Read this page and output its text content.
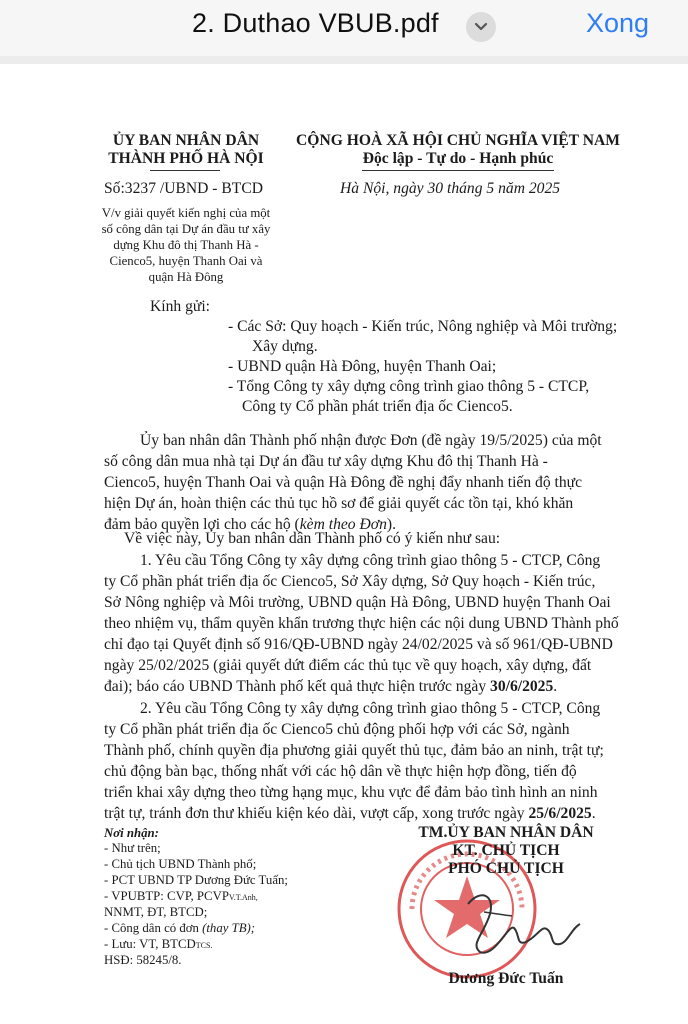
2. Duthao VBUB.pdf	Xong
ỦY BAN NHÂN DÂN
THÀNH PHỐ HÀ NỘI
CỘNG HOÀ XÃ HỘI CHỦ NGHĨA VIỆT NAM
Độc lập - Tự do - Hạnh phúc
Số:3237 /UBND - BTCD	Hà Nội, ngày 30 tháng 5 năm 2025
V/v giải quyết kiến nghị của một
số công dân tại Dự án đầu tư xây
dựng Khu đô thị Thanh Hà -
Cienco5, huyện Thanh Oai và
quận Hà Đông
Kính gửi:
- Các Sở: Quy hoạch - Kiến trúc, Nông nghiệp và Môi trường;
Xây dựng.
- UBND quận Hà Đông, huyện Thanh Oai;
- Tổng Công ty xây dựng công trình giao thông 5 - CTCP,
Công ty Cổ phần phát triển địa ốc Cienco5.
Ủy ban nhân dân Thành phố nhận được Đơn (đề ngày 19/5/2025) của một
số công dân mua nhà tại Dự án đầu tư xây dựng Khu đô thị Thanh Hà -
Cienco5, huyện Thanh Oai và quận Hà Đông đề nghị đẩy nhanh tiến độ thực
hiện Dự án, hoàn thiện các thủ tục hồ sơ để giải quyết các tồn tại, khó khăn
đảm bảo quyền lợi cho các hộ (kèm theo Đơn).
Về việc này, Ủy ban nhân dân Thành phố có ý kiến như sau:
1. Yêu cầu Tổng Công ty xây dựng công trình giao thông 5 - CTCP, Công
ty Cổ phần phát triển địa ốc Cienco5, Sở Xây dựng, Sở Quy hoạch - Kiến trúc,
Sở Nông nghiệp và Môi trường, UBND quận Hà Đông, UBND huyện Thanh Oai
theo nhiệm vụ, thẩm quyền khẩn trương thực hiện các nội dung UBND Thành phố
chỉ đạo tại Quyết định số 916/QĐ-UBND ngày 24/02/2025 và số 961/QĐ-UBND
ngày 25/02/2025 (giải quyết dứt điểm các thủ tục về quy hoạch, xây dựng, đất
đai); báo cáo UBND Thành phố kết quả thực hiện trước ngày 30/6/2025.
2. Yêu cầu Tổng Công ty xây dựng công trình giao thông 5 - CTCP, Công
ty Cổ phần phát triển địa ốc Cienco5 chủ động phối hợp với các Sở, ngành
Thành phố, chính quyền địa phương giải quyết thủ tục, đảm bảo an ninh, trật tự;
chủ động bàn bạc, thống nhất với các hộ dân về thực hiện hợp đồng, tiến độ
triển khai xây dựng theo từng hạng mục, khu vực để đảm bảo tình hình an ninh
trật tự, tránh đơn thư khiếu kiện kéo dài, vượt cấp, xong trước ngày 25/6/2025.
Nơi nhận:
- Như trên;
- Chủ tịch UBND Thành phố;
- PCT UBND TP Dương Đức Tuấn;
- VPUBTP: CVP, PCVPV.T.Anh,
NNMT, ĐT, BTCD;
- Công dân có đơn (thay TB);
- Lưu: VT, BTCDTCS.
HSĐ: 58245/8.
TM.ỦY BAN NHÂN DÂN
KT. CHỦ TỊCH
PHÓ CHỦ TỊCH
Dương Đức Tuấn
